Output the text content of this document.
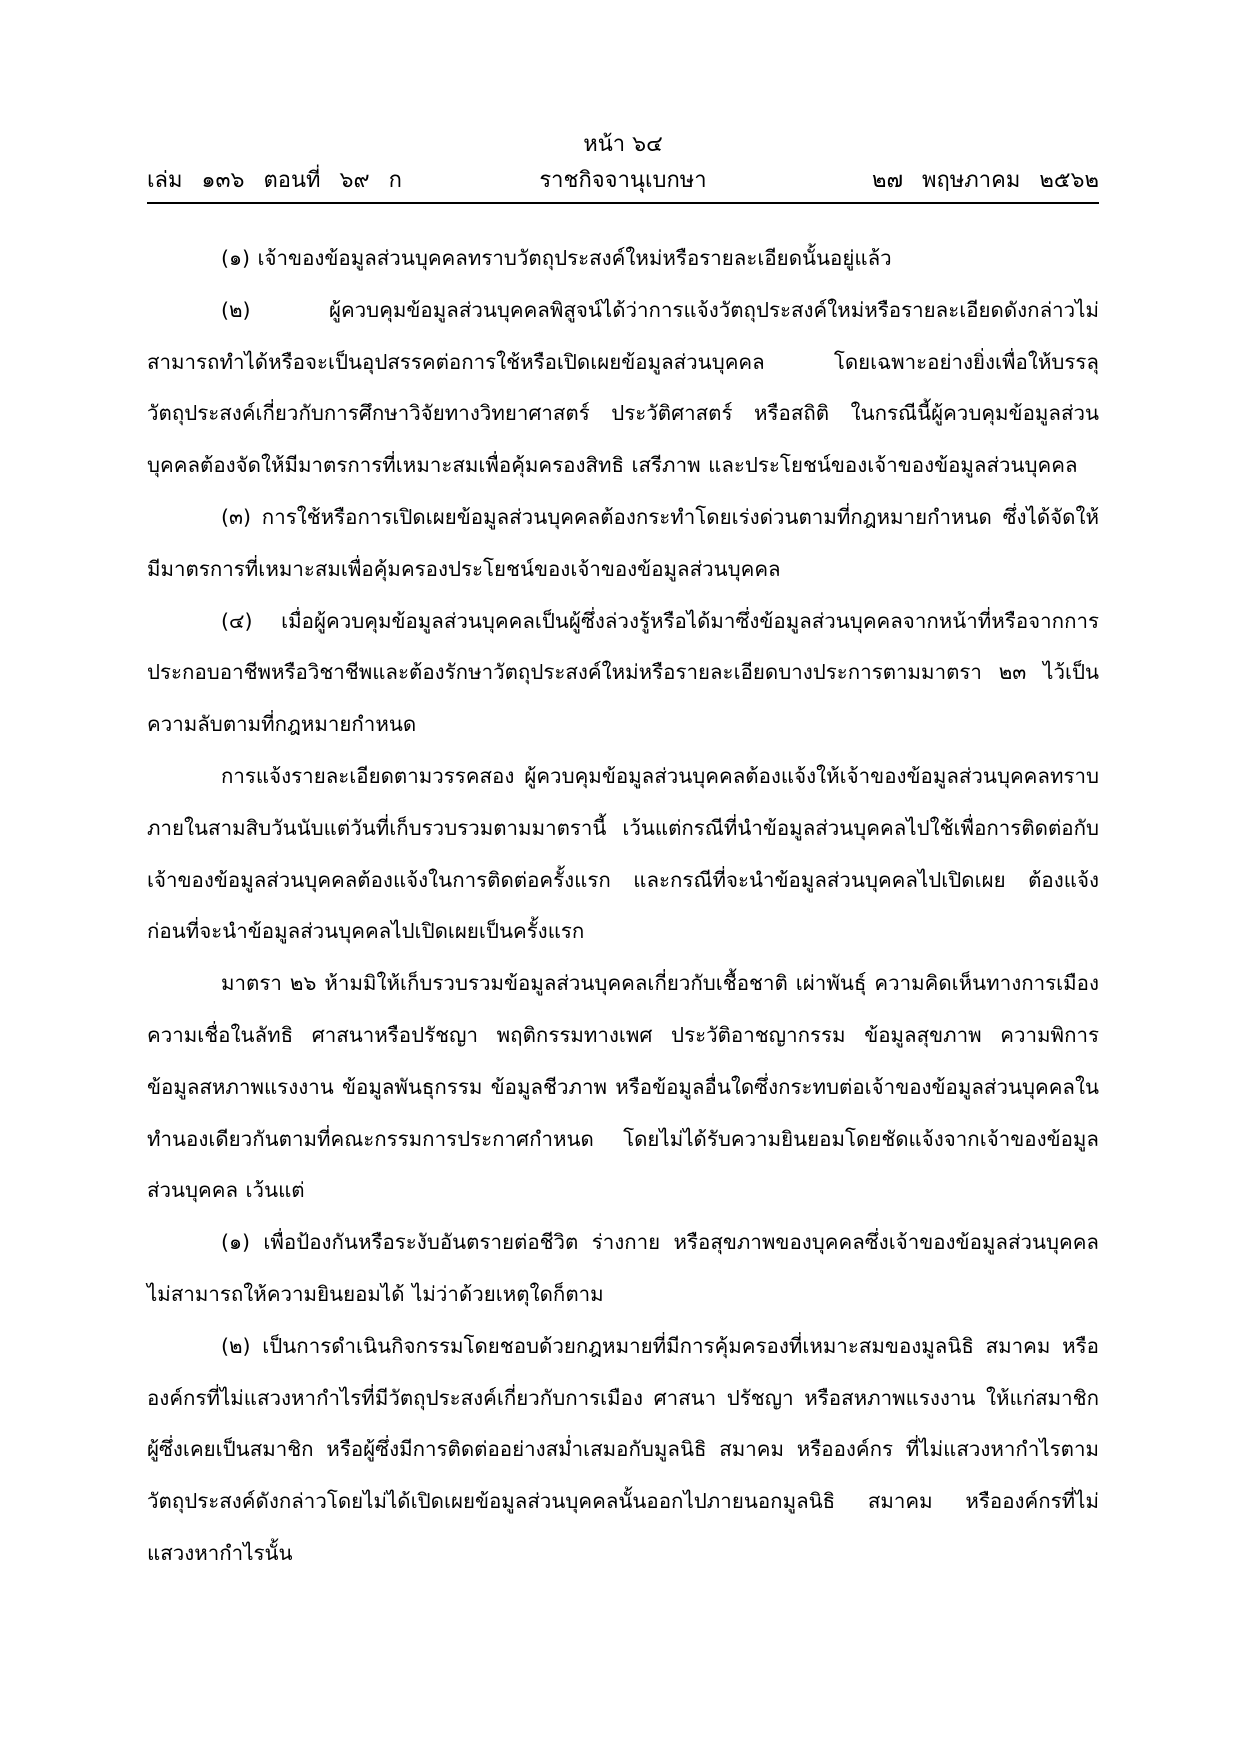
หน้า ๖๔
เล่ม ๑๓๖ ตอนที่ ๖๙ ก	ราชกิจจานุเบกษา	๒๗ พฤษภาคม ๒๕๖๒

(๑) เจ้าของข้อมูลส่วนบุคคลทราบวัตถุประสงค์ใหม่หรือรายละเอียดนั้นอยู่แล้ว

(๒) ผู้ควบคุมข้อมูลส่วนบุคคลพิสูจน์ได้ว่าการแจ้งวัตถุประสงค์ใหม่หรือรายละเอียดดังกล่าวไม่สามารถทำได้หรือจะเป็นอุปสรรคต่อการใช้หรือเปิดเผยข้อมูลส่วนบุคคล โดยเฉพาะอย่างยิ่งเพื่อให้บรรลุวัตถุประสงค์เกี่ยวกับการศึกษาวิจัยทางวิทยาศาสตร์ ประวัติศาสตร์ หรือสถิติ ในกรณีนี้ผู้ควบคุมข้อมูลส่วนบุคคลต้องจัดให้มีมาตรการที่เหมาะสมเพื่อคุ้มครองสิทธิ เสรีภาพ และประโยชน์ของเจ้าของข้อมูลส่วนบุคคล

(๓) การใช้หรือการเปิดเผยข้อมูลส่วนบุคคลต้องกระทำโดยเร่งด่วนตามที่กฎหมายกำหนด ซึ่งได้จัดให้มีมาตรการที่เหมาะสมเพื่อคุ้มครองประโยชน์ของเจ้าของข้อมูลส่วนบุคคล

(๔) เมื่อผู้ควบคุมข้อมูลส่วนบุคคลเป็นผู้ซึ่งล่วงรู้หรือได้มาซึ่งข้อมูลส่วนบุคคลจากหน้าที่หรือจากการประกอบอาชีพหรือวิชาชีพและต้องรักษาวัตถุประสงค์ใหม่หรือรายละเอียดบางประการตามมาตรา ๒๓ ไว้เป็นความลับตามที่กฎหมายกำหนด

การแจ้งรายละเอียดตามวรรคสอง ผู้ควบคุมข้อมูลส่วนบุคคลต้องแจ้งให้เจ้าของข้อมูลส่วนบุคคลทราบภายในสามสิบวันนับแต่วันที่เก็บรวบรวมตามมาตรานี้ เว้นแต่กรณีที่นำข้อมูลส่วนบุคคลไปใช้เพื่อการติดต่อกับเจ้าของข้อมูลส่วนบุคคลต้องแจ้งในการติดต่อครั้งแรก และกรณีที่จะนำข้อมูลส่วนบุคคลไปเปิดเผย ต้องแจ้งก่อนที่จะนำข้อมูลส่วนบุคคลไปเปิดเผยเป็นครั้งแรก

มาตรา ๒๖ ห้ามมิให้เก็บรวบรวมข้อมูลส่วนบุคคลเกี่ยวกับเชื้อชาติ เผ่าพันธุ์ ความคิดเห็นทางการเมือง ความเชื่อในลัทธิ ศาสนาหรือปรัชญา พฤติกรรมทางเพศ ประวัติอาชญากรรม ข้อมูลสุขภาพ ความพิการ ข้อมูลสหภาพแรงงาน ข้อมูลพันธุกรรม ข้อมูลชีวภาพ หรือข้อมูลอื่นใดซึ่งกระทบต่อเจ้าของข้อมูลส่วนบุคคลในทำนองเดียวกันตามที่คณะกรรมการประกาศกำหนด โดยไม่ได้รับความยินยอมโดยชัดแจ้งจากเจ้าของข้อมูลส่วนบุคคล เว้นแต่

(๑) เพื่อป้องกันหรือระงับอันตรายต่อชีวิต ร่างกาย หรือสุขภาพของบุคคลซึ่งเจ้าของข้อมูลส่วนบุคคลไม่สามารถให้ความยินยอมได้ ไม่ว่าด้วยเหตุใดก็ตาม

(๒) เป็นการดำเนินกิจกรรมโดยชอบด้วยกฎหมายที่มีการคุ้มครองที่เหมาะสมของมูลนิธิ สมาคม หรือองค์กรที่ไม่แสวงหากำไรที่มีวัตถุประสงค์เกี่ยวกับการเมือง ศาสนา ปรัชญา หรือสหภาพแรงงาน ให้แก่สมาชิก ผู้ซึ่งเคยเป็นสมาชิก หรือผู้ซึ่งมีการติดต่ออย่างสม่ำเสมอกับมูลนิธิ สมาคม หรือองค์กร ที่ไม่แสวงหากำไรตามวัตถุประสงค์ดังกล่าวโดยไม่ได้เปิดเผยข้อมูลส่วนบุคคลนั้นออกไปภายนอกมูลนิธิ สมาคม หรือองค์กรที่ไม่แสวงหากำไรนั้น
